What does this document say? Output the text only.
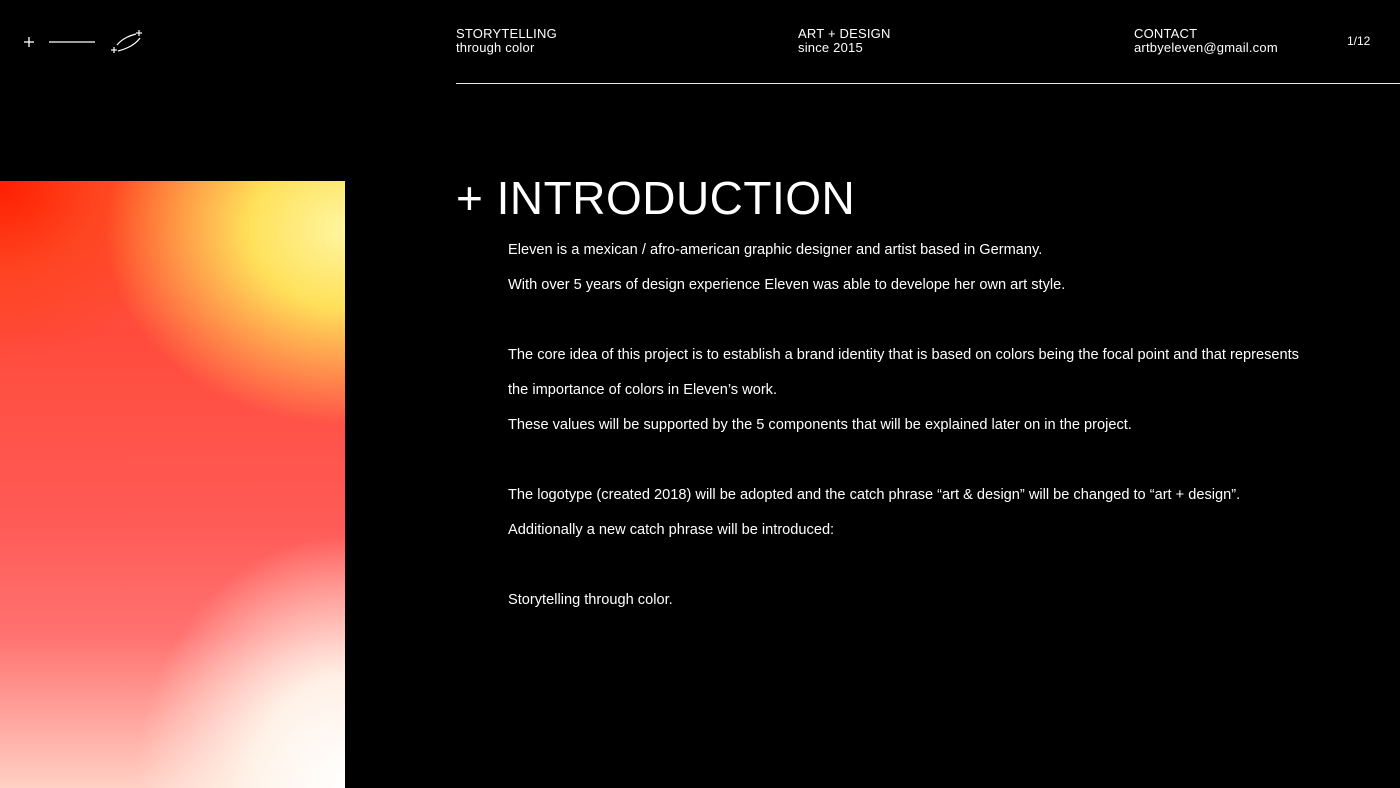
STORYTELLING
through color
ART + DESIGN
since 2015
CONTACT
artbyeleven@gmail.com	1/12
+ INTRODUCTION

Eleven is a mexican / afro-american graphic designer and artist based in Germany.

With over 5 years of design experience Eleven was able to develope her own art style.

The core idea of this project is to establish a brand identity that is based on colors being the focal point and that represents

the importance of colors in Eleven’s work.

These values will be supported by the 5 components that will be explained later on in the project.

The logotype (created 2018) will be adopted and the catch phrase “art & design” will be changed to “art + design”.

Additionally a new catch phrase will be introduced:

Storytelling through color.
